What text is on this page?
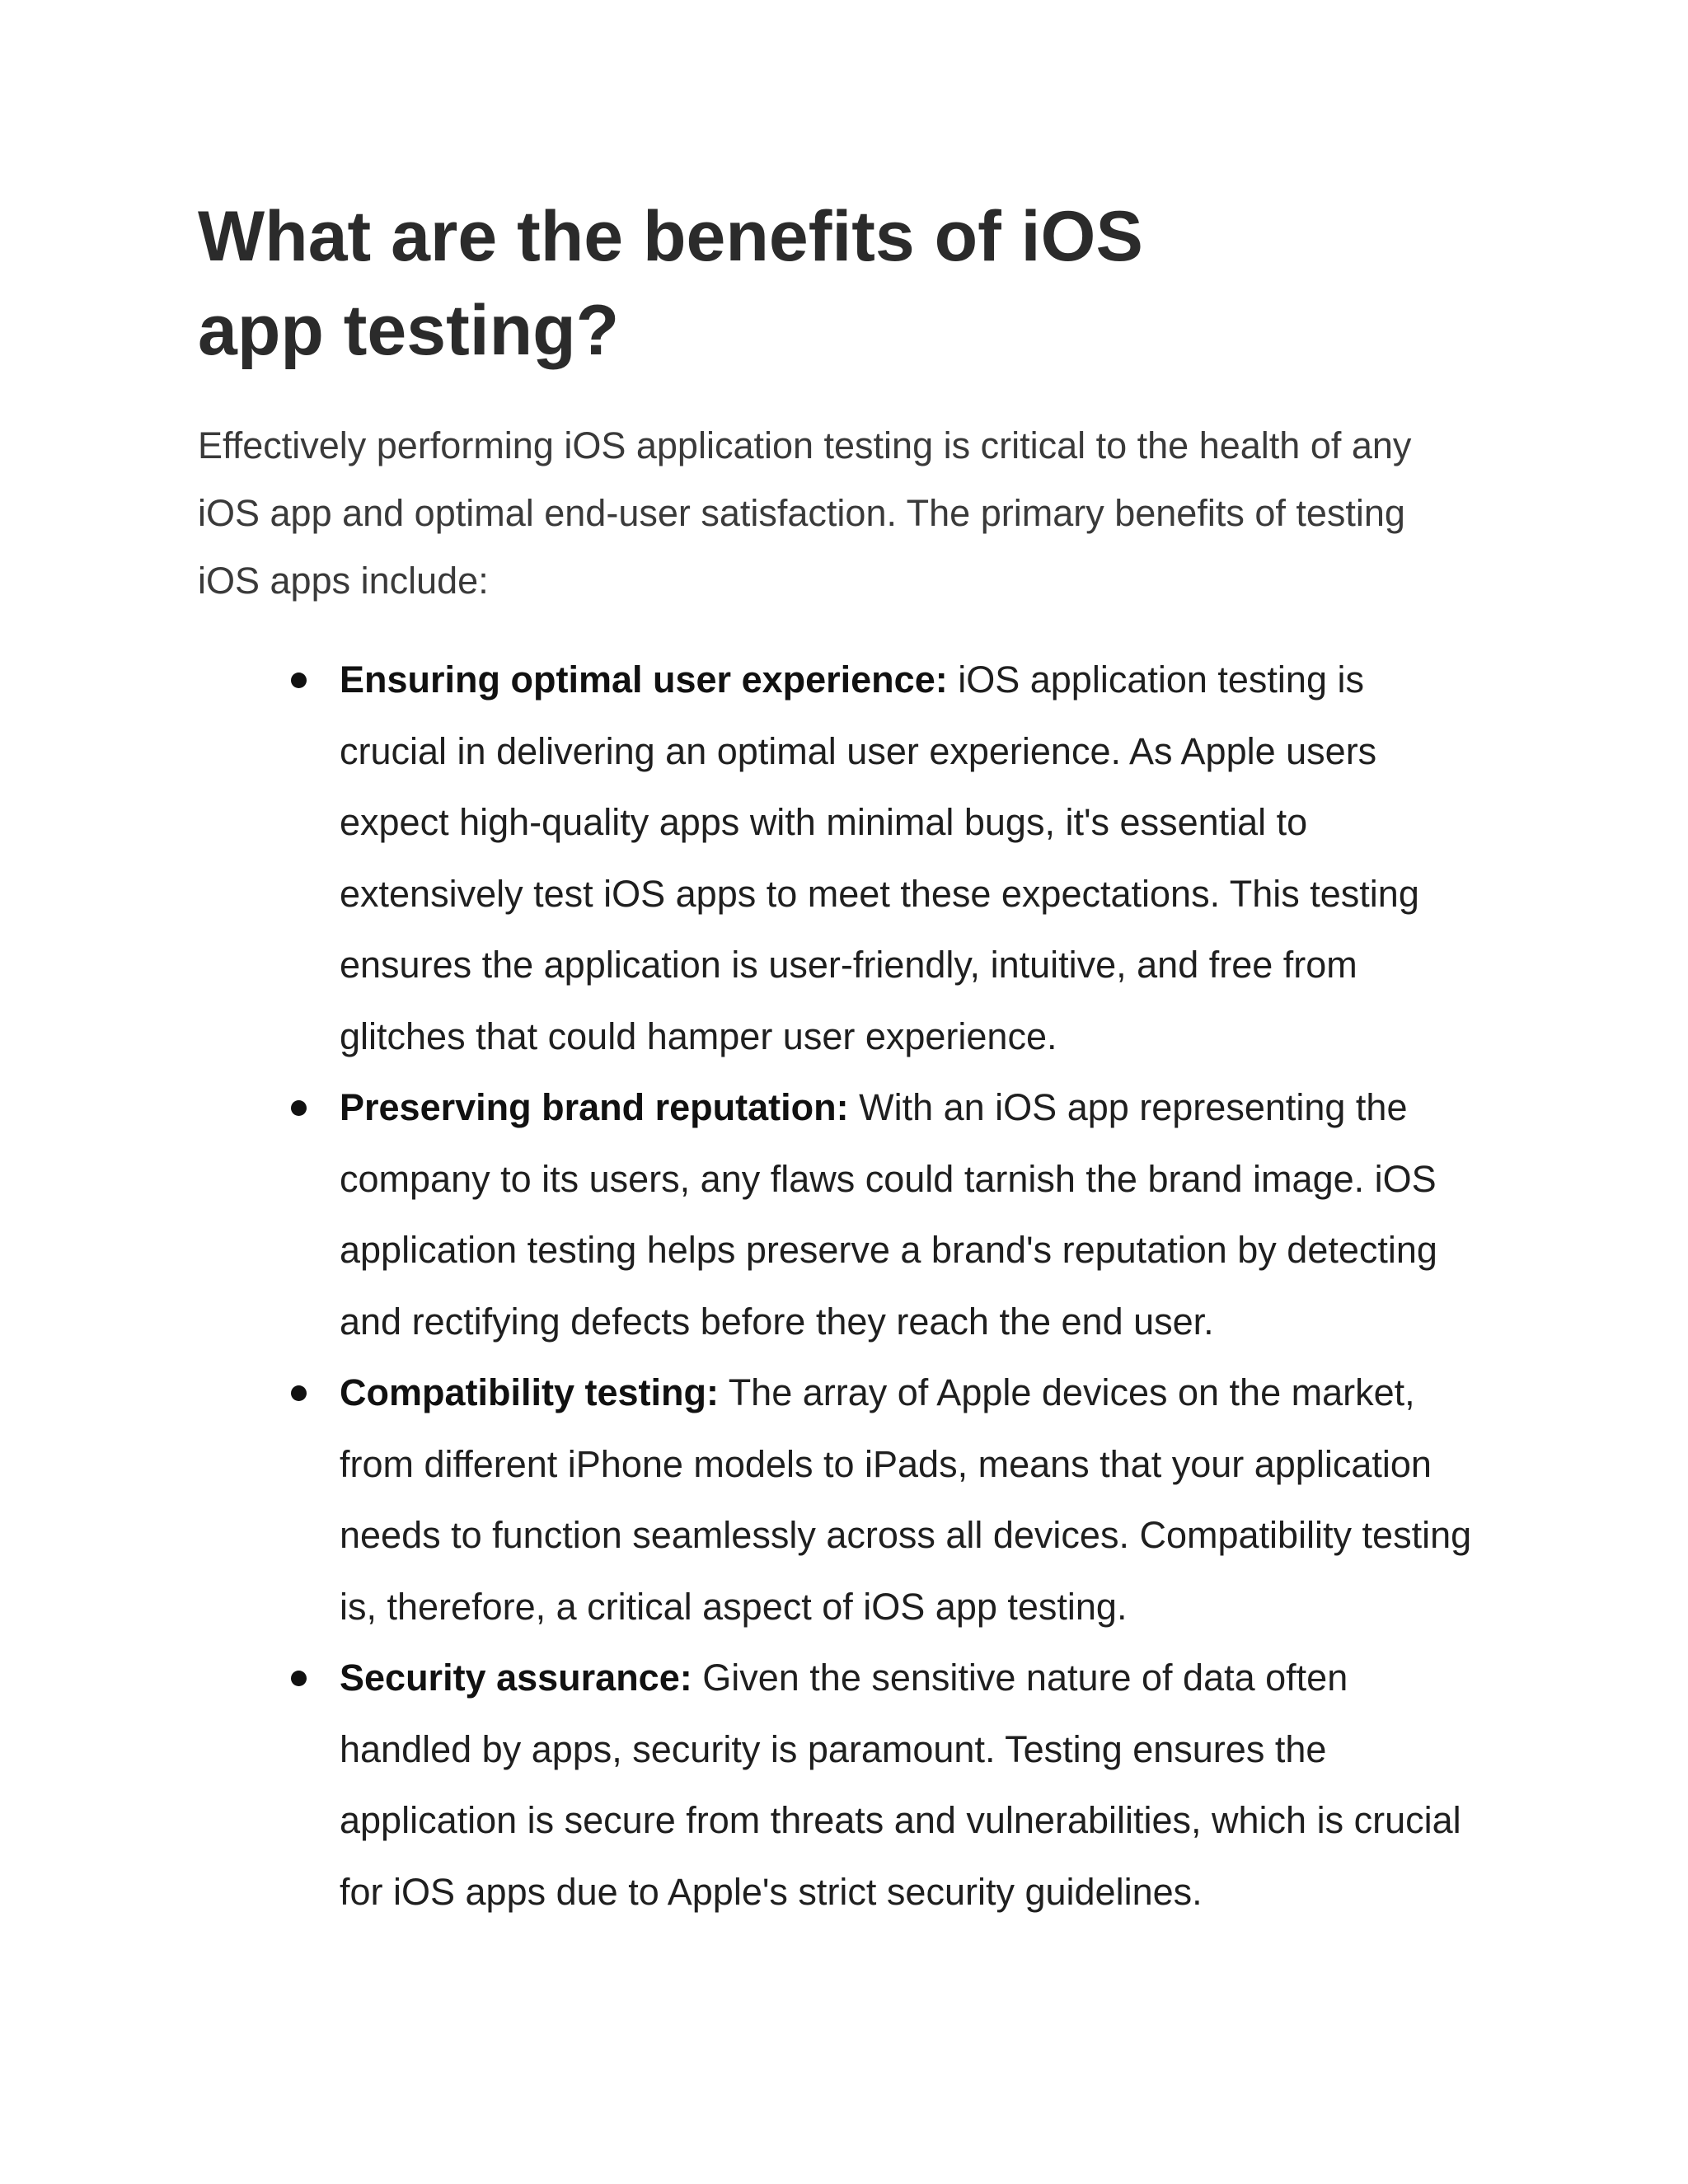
What are the benefits of iOS app testing?

Effectively performing iOS application testing is critical to the health of any iOS app and optimal end-user satisfaction. The primary benefits of testing iOS apps include:

Ensuring optimal user experience: iOS application testing is crucial in delivering an optimal user experience. As Apple users expect high-quality apps with minimal bugs, it's essential to extensively test iOS apps to meet these expectations. This testing ensures the application is user-friendly, intuitive, and free from glitches that could hamper user experience.
Preserving brand reputation: With an iOS app representing the company to its users, any flaws could tarnish the brand image. iOS application testing helps preserve a brand's reputation by detecting and rectifying defects before they reach the end user.
Compatibility testing: The array of Apple devices on the market, from different iPhone models to iPads, means that your application needs to function seamlessly across all devices. Compatibility testing is, therefore, a critical aspect of iOS app testing.
Security assurance: Given the sensitive nature of data often handled by apps, security is paramount. Testing ensures the application is secure from threats and vulnerabilities, which is crucial for iOS apps due to Apple's strict security guidelines.
